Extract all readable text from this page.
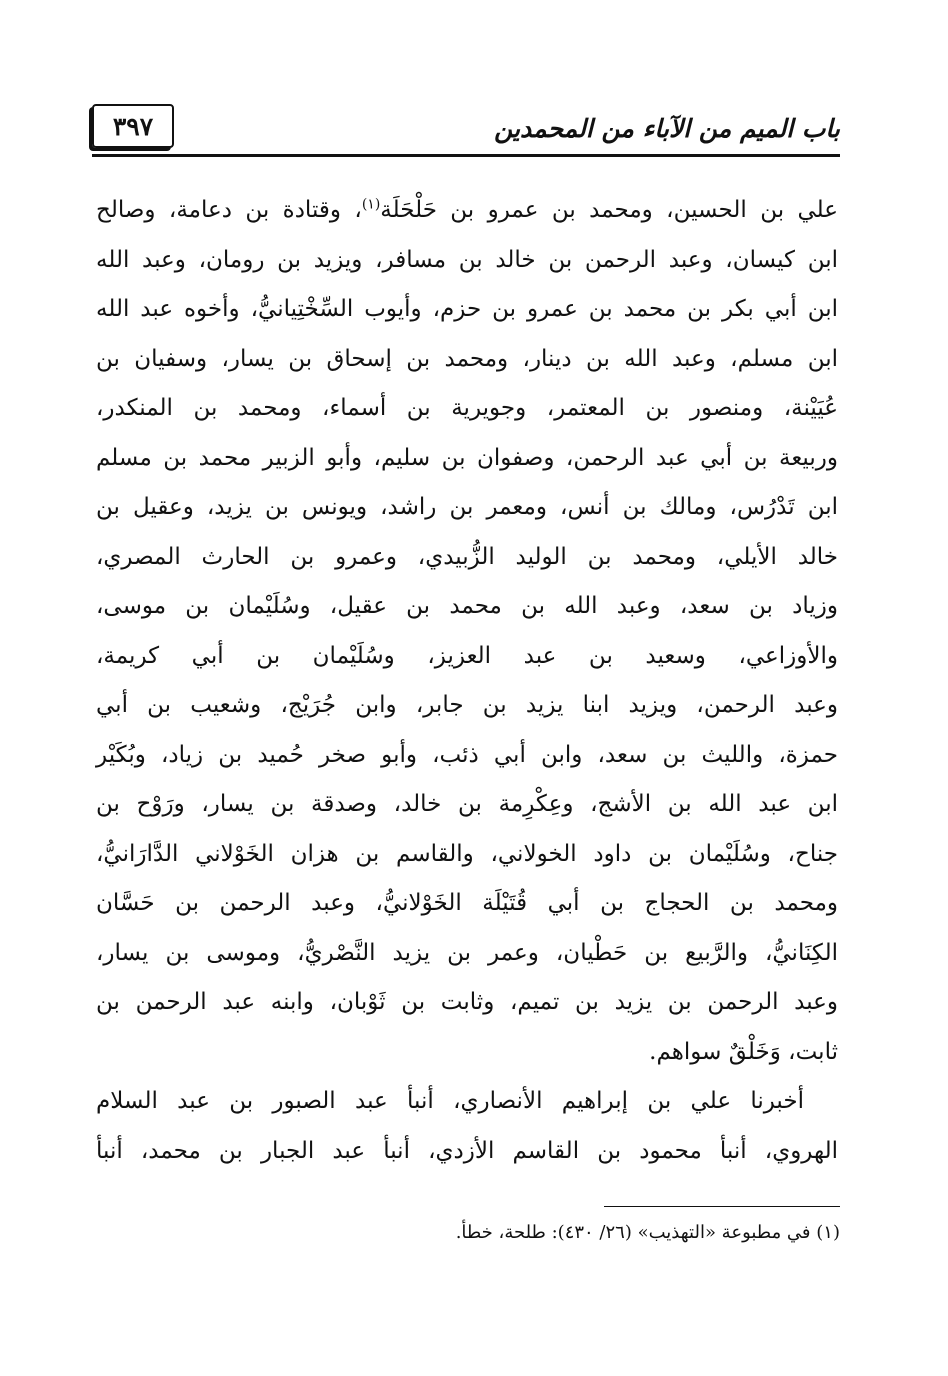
باب الميم من الآباء من المحمدين
٣٩٧
علي بن الحسين، ومحمد بن عمرو بن حَلْحَلَة$^{(١)}$، وقتادة بن دعامة، وصالح
ابن كيسان، وعبد الرحمن بن خالد بن مسافر، ويزيد بن رومان، وعبد الله
ابن أبي بكر بن محمد بن عمرو بن حزم، وأيوب السِّخْتِيانيُّ، وأخوه عبد الله
ابن مسلم، وعبد الله بن دينار، ومحمد بن إسحاق بن يسار، وسفيان بن
عُيَيْنة، ومنصور بن المعتمر، وجويرية بن أسماء، ومحمد بن المنكدر،
وربيعة بن أبي عبد الرحمن، وصفوان بن سليم، وأبو الزبير محمد بن مسلم
ابن تَدْرُس، ومالك بن أنس، ومعمر بن راشد، ويونس بن يزيد، وعقيل بن
خالد الأيلي، ومحمد بن الوليد الزُّبيدي، وعمرو بن الحارث المصري،
وزياد بن سعد، وعبد الله بن محمد بن عقيل، وسُلَيْمان بن موسى،
والأوزاعي، وسعيد بن عبد العزيز، وسُلَيْمان بن أبي كريمة،
وعبد الرحمن، ويزيد ابنا يزيد بن جابر، وابن جُرَيْج، وشعيب بن أبي
حمزة، والليث بن سعد، وابن أبي ذئب، وأبو صخر حُميد بن زياد، وبُكَيْر
ابن عبد الله بن الأشج، وعِكْرِمة بن خالد، وصدقة بن يسار، ورَوْح بن
جناح، وسُلَيْمان بن داود الخولاني، والقاسم بن هزان الخَوْلاني الدَّارَانيُّ،
ومحمد بن الحجاج بن أبي قُتَيْلَة الخَوْلانيُّ، وعبد الرحمن بن حَسَّان
الكِنَانيُّ، والرَّبيع بن حَطْيان، وعمر بن يزيد النَّصْريُّ، وموسى بن يسار،
وعبد الرحمن بن يزيد بن تميم، وثابت بن ثَوْبان، وابنه عبد الرحمن بن
ثابت، وَخَلْقٌ سواهم.
أخبرنا علي بن إبراهيم الأنصاري، أنبأ عبد الصبور بن عبد السلام
الهروي، أنبأ محمود بن القاسم الأزدي، أنبأ عبد الجبار بن محمد، أنبأ
(١) في مطبوعة «التهذيب» (٢٦/ ٤٣٠): طلحة، خطأ.
